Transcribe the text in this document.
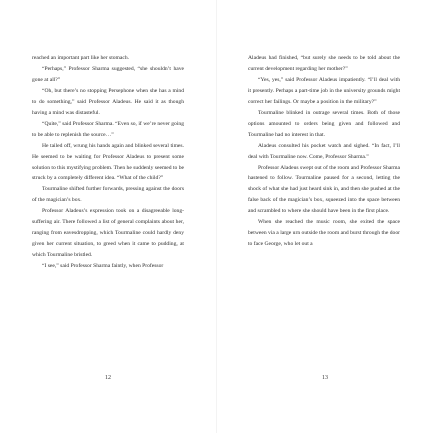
reached an important part like her stomach.

“Perhaps,” Professor Sharma suggested, “she shouldn’t have gone at all?”

“Oh, but there’s no stopping Persephone when she has a mind to do something,” said Professor Aladeus. He said it as though having a mind was distasteful.

“Quite,” said Professor Sharma. “Even so, if we’re never going to be able to replenish the source…”

He tailed off, wrung his hands again and blinked several times. He seemed to be waiting for Professor Aladeus to present some solution to this mystifying problem. Then he suddenly seemed to be struck by a completely different idea. “What of the child?”

Tourmaline shifted further forwards, pressing against the doors of the magician’s box.

Professor Aladeus’s expression took on a disagreeable long-suffering air. There followed a list of general complaints about her, ranging from eavesdropping, which Tourmaline could hardly deny given her current situation, to greed when it came to pudding, at which Tourmaline bristled.

“I see,” said Professor Sharma faintly, when Professor

12

Aladeus had finished, “but surely she needs to be told about the current development regarding her mother?”

“Yes, yes,” said Professor Aladeus impatiently. “I’ll deal with it presently. Perhaps a part-time job in the university grounds might correct her failings. Or maybe a position in the military?”

Tourmaline blinked in outrage several times. Both of those options amounted to orders being given and followed and Tourmaline had no interest in that.

Aladeus consulted his pocket watch and sighed. “In fact, I’ll deal with Tourmaline now. Come, Professor Sharma.”

Professor Aladeus swept out of the room and Professor Sharma hastened to follow. Tourmaline paused for a second, letting the shock of what she had just heard sink in, and then she pushed at the false back of the magician’s box, squeezed into the space between and scrambled to where she should have been in the first place.

When she reached the music room, she exited the space between via a large urn outside the room and burst through the door to face George, who let out a

13
